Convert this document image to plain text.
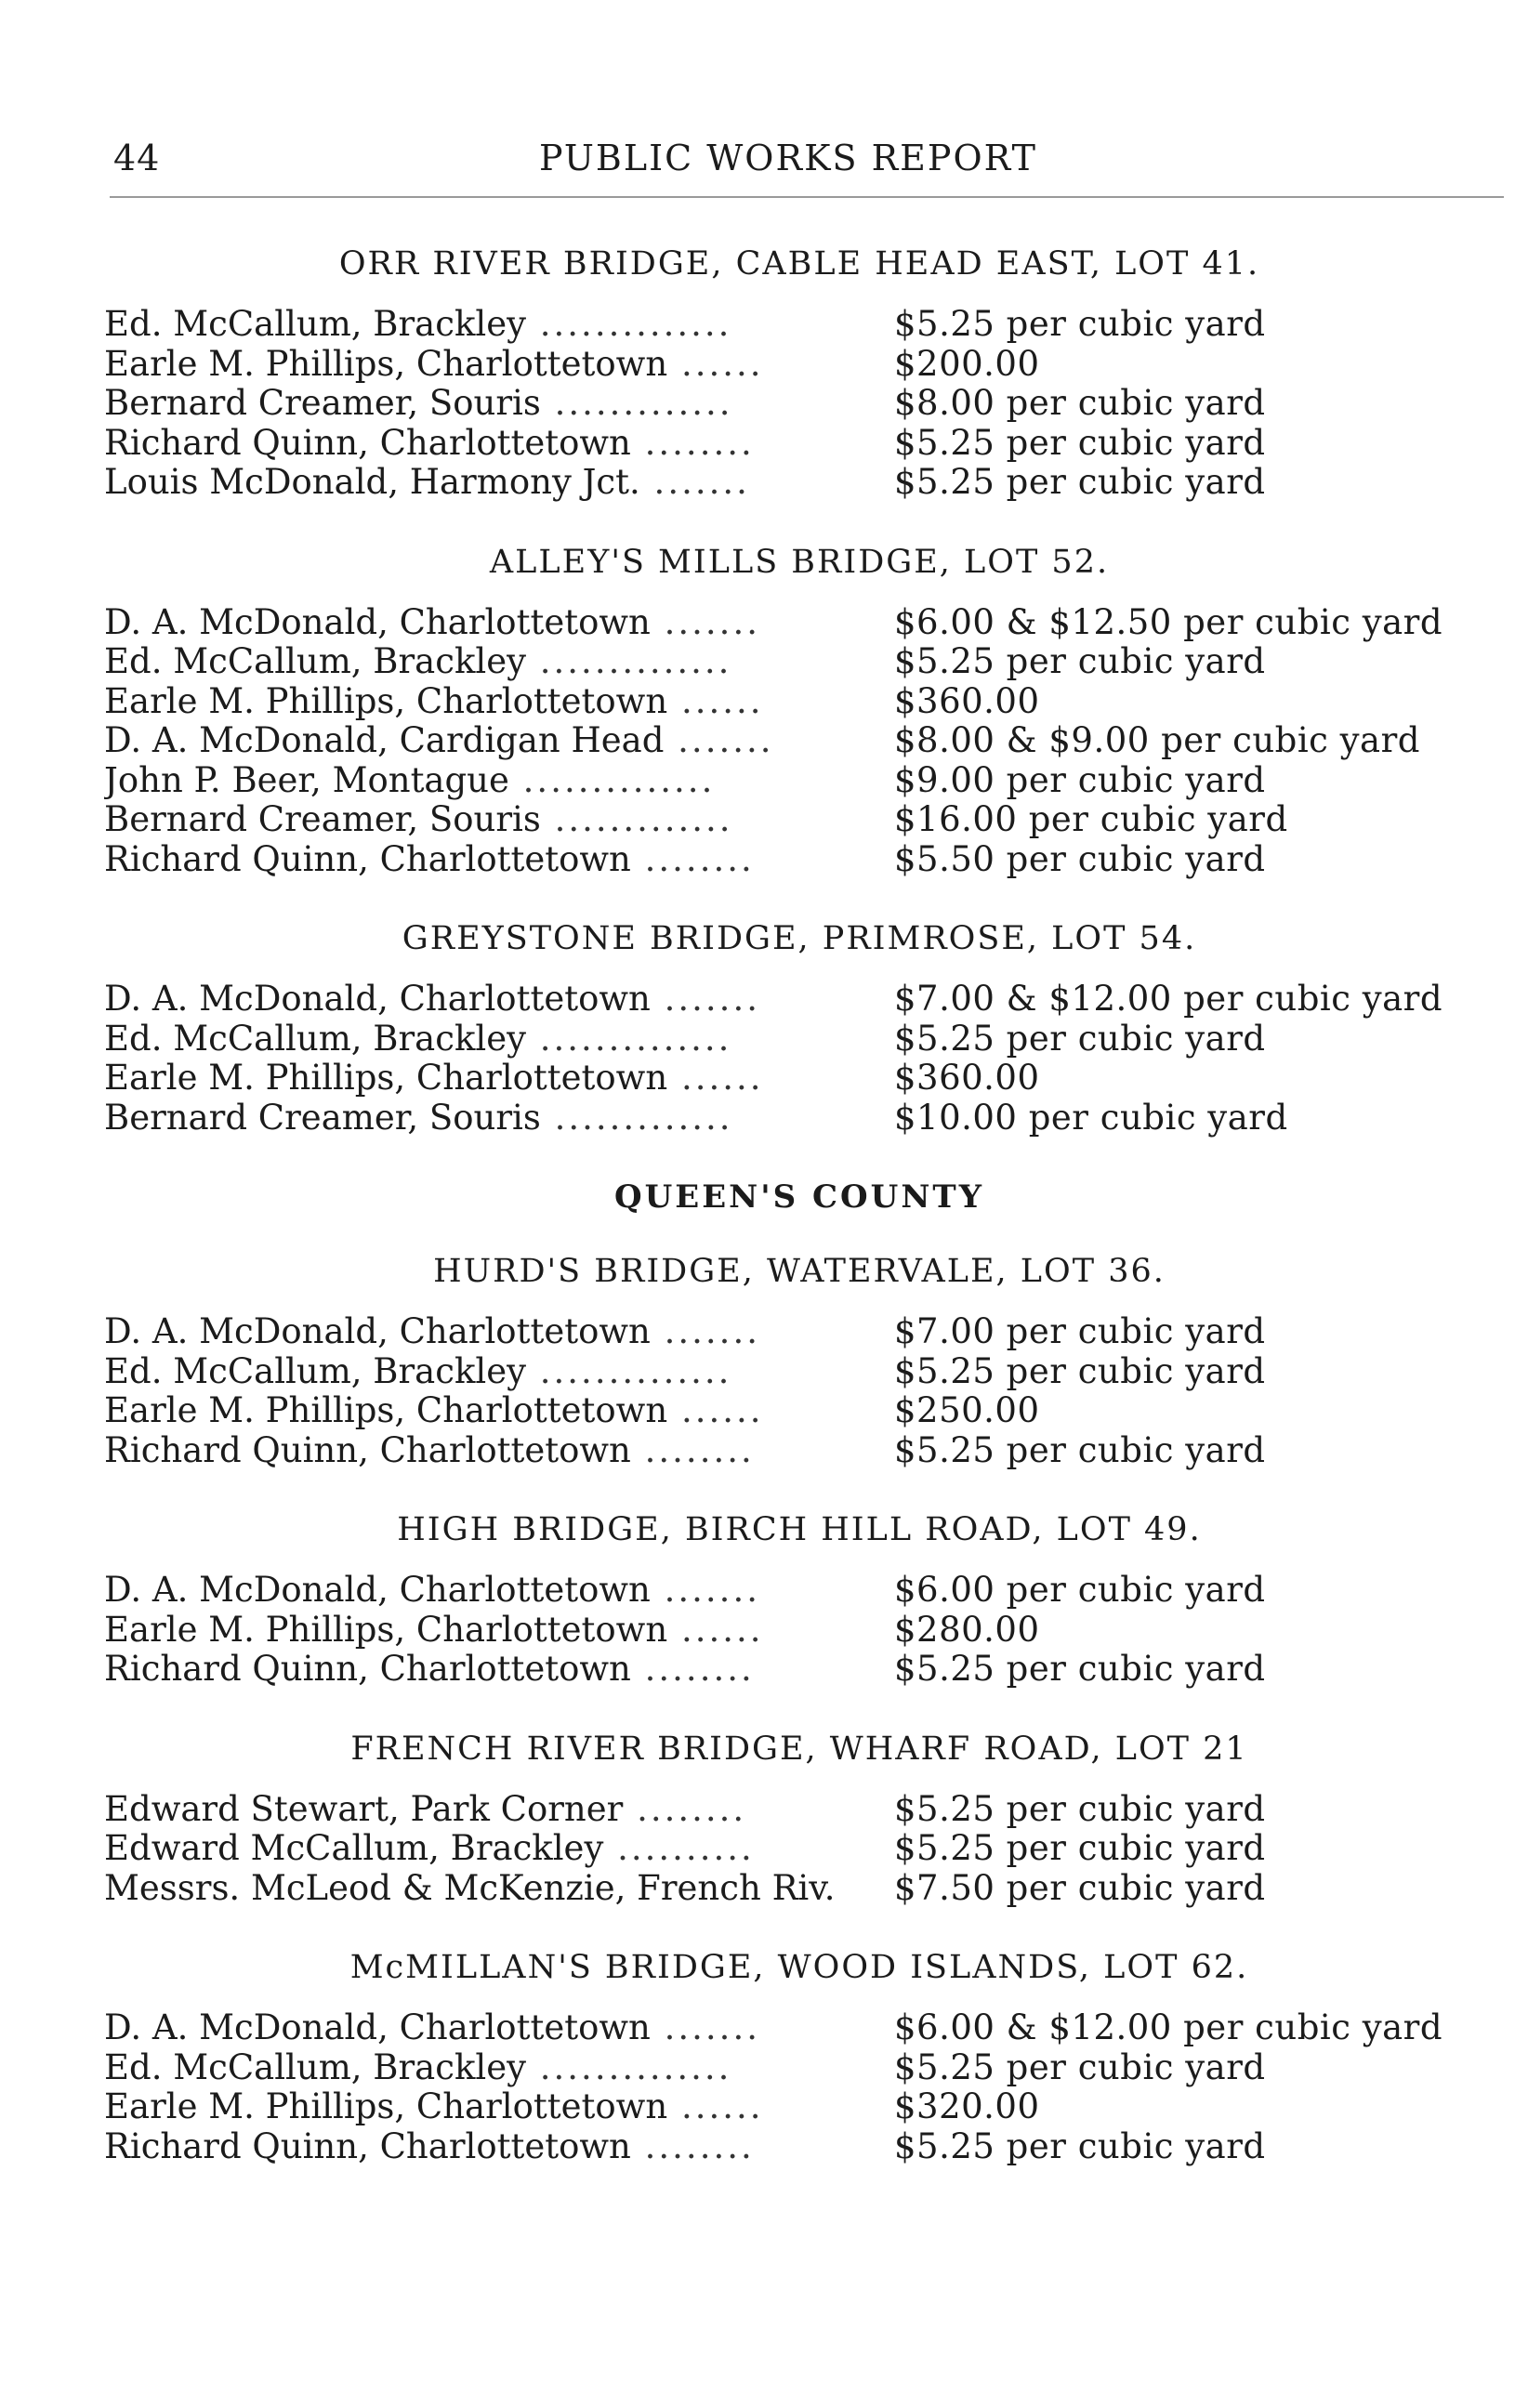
44	PUBLIC WORKS REPORT
ORR RIVER BRIDGE, CABLE HEAD EAST, LOT 41.
Ed. McCallum, Brackley ..............	$5.25 per cubic yard
Earle M. Phillips, Charlottetown ......	$200.00
Bernard Creamer, Souris .............	$8.00 per cubic yard
Richard Quinn, Charlottetown ........	$5.25 per cubic yard
Louis McDonald, Harmony Jct. .......	$5.25 per cubic yard
ALLEY'S MILLS BRIDGE, LOT 52.
D. A. McDonald, Charlottetown .......	$6.00 & $12.50 per cubic yard
Ed. McCallum, Brackley ..............	$5.25 per cubic yard
Earle M. Phillips, Charlottetown ......	$360.00
D. A. McDonald, Cardigan Head .......	$8.00 & $9.00 per cubic yard
John P. Beer, Montague ..............	$9.00 per cubic yard
Bernard Creamer, Souris .............	$16.00 per cubic yard
Richard Quinn, Charlottetown ........	$5.50 per cubic yard
GREYSTONE BRIDGE, PRIMROSE, LOT 54.
D. A. McDonald, Charlottetown .......	$7.00 & $12.00 per cubic yard
Ed. McCallum, Brackley ..............	$5.25 per cubic yard
Earle M. Phillips, Charlottetown ......	$360.00
Bernard Creamer, Souris .............	$10.00 per cubic yard
QUEEN'S COUNTY
HURD'S BRIDGE, WATERVALE, LOT 36.
D. A. McDonald, Charlottetown .......	$7.00 per cubic yard
Ed. McCallum, Brackley ..............	$5.25 per cubic yard
Earle M. Phillips, Charlottetown ......	$250.00
Richard Quinn, Charlottetown ........	$5.25 per cubic yard
HIGH BRIDGE, BIRCH HILL ROAD, LOT 49.
D. A. McDonald, Charlottetown .......	$6.00 per cubic yard
Earle M. Phillips, Charlottetown ......	$280.00
Richard Quinn, Charlottetown ........	$5.25 per cubic yard
FRENCH RIVER BRIDGE, WHARF ROAD, LOT 21
Edward Stewart, Park Corner ........	$5.25 per cubic yard
Edward McCallum, Brackley ..........	$5.25 per cubic yard
Messrs. McLeod & McKenzie, French Riv.	$7.50 per cubic yard
McMILLAN'S BRIDGE, WOOD ISLANDS, LOT 62.
D. A. McDonald, Charlottetown .......	$6.00 & $12.00 per cubic yard
Ed. McCallum, Brackley ..............	$5.25 per cubic yard
Earle M. Phillips, Charlottetown ......	$320.00
Richard Quinn, Charlottetown ........	$5.25 per cubic yard
